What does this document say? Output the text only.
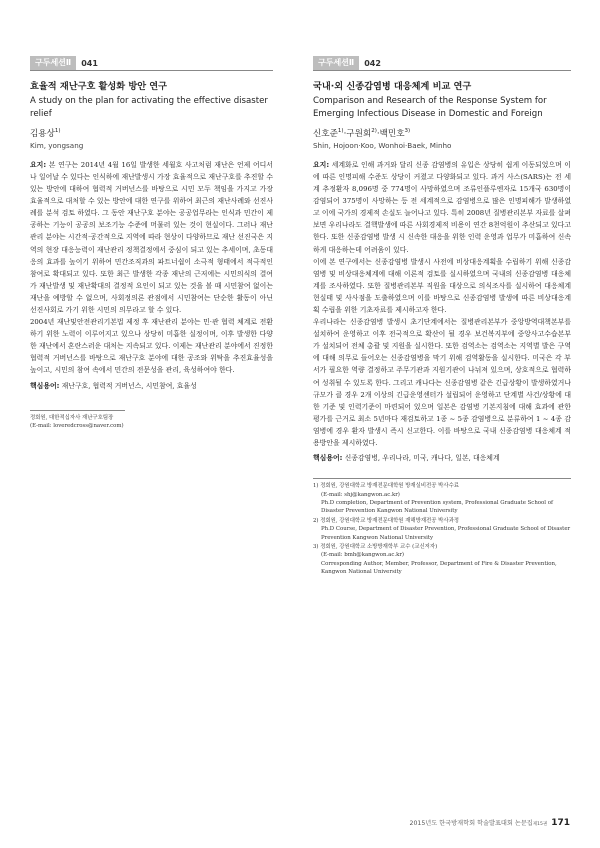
구두세션Ⅱ	041
효율적 재난구호 활성화 방안 연구
A study on the plan for activating the effective disaster relief
김용상$^{1)}$
Kim, yongsang

요지: 본 연구는 2014년 4월 16일 발생한 세월호 사고처럼 재난은 언제 어디서나 일어날 수 있다는 인식하에 재난발생시 가장 효율적으로 재난구호를 추진할 수 있는 방안에 대하여 협력적 거버넌스를 바탕으로 시민 모두 책임을 가지고 가장 효율적으로 대처할 수 있는 방안에 대한 연구를 위하여 최근의 재난사례와 선진사례를 분석 검토 하였다. 그 동안 재난구호 분야는 공공업무라는 인식과 민간이 제공하는 기능이 공공의 보조기능 수준에 머물러 있는 것이 현실이다. 그러나 재난관리 분야는 시간적·공간적으로 지역에 따라 현상이 다양하므로 재난 선진국은 지역의 현장 대응능력이 재난관리 정책결정에서 중심이 되고 있는 추세이며, 초동대응의 효과를 높이기 위하여 민간조직과의 파트너쉽이 소극적 형태에서 적극적인 참여로 확대되고 있다. 또한 최근 발생한 각종 재난의 근저에는 시민의식의 결여가 재난발생 및 재난확대의 결정적 요인이 되고 있는 것을 볼 때 시민참여 없이는 재난을 예방할 수 없으며, 사회정의론 관점에서 시민참여는 단순한 활동이 아닌 선진사회로 가기 위한 시민의 의무라고 할 수 있다.

2004년 재난및안전관리기본법 제정 후 재난관리 분야는 민·관 협력 체계로 전환하기 위한 노력이 이루어지고 있으나 상당히 미흡한 실정이며, 이후 발생한 다양한 재난에서 혼란스러운 대처는 지속되고 있다. 이제는 재난관리 분야에서 진정한 협력적 거버넌스를 바탕으로 재난구호 분야에 대한 공조와 위탁을 추진효율성을 높이고, 시민의 참여 속에서 민간의 전문성을 관리, 육성하여야 한다.

핵심용어: 재난구호, 협력적 거버넌스, 시민참여, 효율성
정회원, 대한적십자사 재난구호팀장
(E-mail: loveredcross@naver.com)
구두세션Ⅱ	042
국내·외 신종감염병 대응체계 비교 연구
Comparison and Research of the Response System for Emerging Infectious Disease in Domestic and Foreign
신호준$^{1)}$·구원회$^{2)}$·백민호$^{3)}$
Shin, Hojoon·Koo, Wonhoi·Baek, Minho

요지: 세계화로 인해 과거와 달리 신종 감염병의 유입은 상당히 쉽게 이동되었으며 이에 따른 인명피해 수준도 상당이 커졌고 다양화되고 있다. 과거 사스(SARS)는 전 세계 추정환자 8,096명 중 774명이 사망하였으며 조류인플루엔자로 15개국 630명이 감염되어 375명이 사망하는 등 전 세계적으로 감염병으로 많은 인명피해가 발생하였고 이에 국가의 경제적 손실도 늘어나고 있다. 특히 2008년 질병관리본부 자료를 살펴보면 우리나라도 결핵발생에 따른 사회경제적 비용이 연간 8천억원이 추산되고 있다고 한다. 또한 신종감염병 발생 시 신속한 대응을 위한 인력 운영과 업무가 미흡하여 신속하게 대응하는데 어려움이 있다.

이에 본 연구에서는 신종감염병 발생시 사전에 비상대응계획을 수립하기 위해 신종감염병 및 비상대응체계에 대해 이론적 검토를 실시하였으며 국내의 신종감염병 대응체계를 조사하였다. 또한 질병관리본부 직원을 대상으로 의식조사를 실시하여 대응체계 현실태 및 사사점을 도출하였으며 이를 바탕으로 신종감염병 발생에 따른 비상대응계획 수립을 위한 기초자료를 제시하고자 한다.

우리나라는 신종감염병 발생시 초기단계에서는 질병관리본부가 중앙방역대책본부를 설치하여 운영하고 이후 전국적으로 확산이 될 경우 보건복지부에 중앙사고수습본부가 설치되어 전체 총괄 및 지원을 실시한다. 또한 검역소는 검역소는 지역별 발은 구역에 대해 의무로 들어오는 신종감염병을 막기 위해 검역활동을 실시한다. 미국은 각 부서가 필요한 역량 결정하고 주무기관과 지원기관이 나뉘져 있으며, 상호적으로 협력하여 성취될 수 있도록 한다. 그리고 캐나다는 신종감염병 같은 긴급상황이 발생하였거나 규모가 클 경우 2개 이상의 긴급운영센터가 설립되어 운영하고 단계별 사건/상황에 대한 기준 및 인력기준이 마련되어 있으며 일본은 감염병 기본지침에 대해 효과에 관한 평가를 근거로 최소 5년마다 재검토하고 1종 ~ 5종 감염병으로 분류하여 1 ~ 4종 감염병에 경우 환자 발생시 즉시 신고한다. 이를 바탕으로 국내 신종감염병 대응체계 적용방안을 제시하였다.

핵심용어: 신종감염병, 우리나라, 미국, 캐나다, 일본, 대응체계
1) 정회원, 강원대학교 방재전문대학원 방재실비전공 박사수료
(E-mail: shj@kangwon.ac.kr)
Ph.D completion, Department of Prevention system, Professional Graduate School of Disaster Prevention Kangwon National University
2) 정회원, 강원대학교 방재전문대학원 재해방재전공 박사과정
Ph.D Course, Department of Disaster Prevention, Professional Graduate School of Disaster Prevention Kangwon National University
3) 정회원, 강원대학교 소방방재학부 교수 (교신저자)
(E-mail: bmh@kangwon.ac.kr)
Corresponding Author, Member, Professor, Department of Fire & Disaster Prevention, Kangwon National University
2015년도 한국방재학회 학술발표대회 논문집$_{제15권}$ 171
